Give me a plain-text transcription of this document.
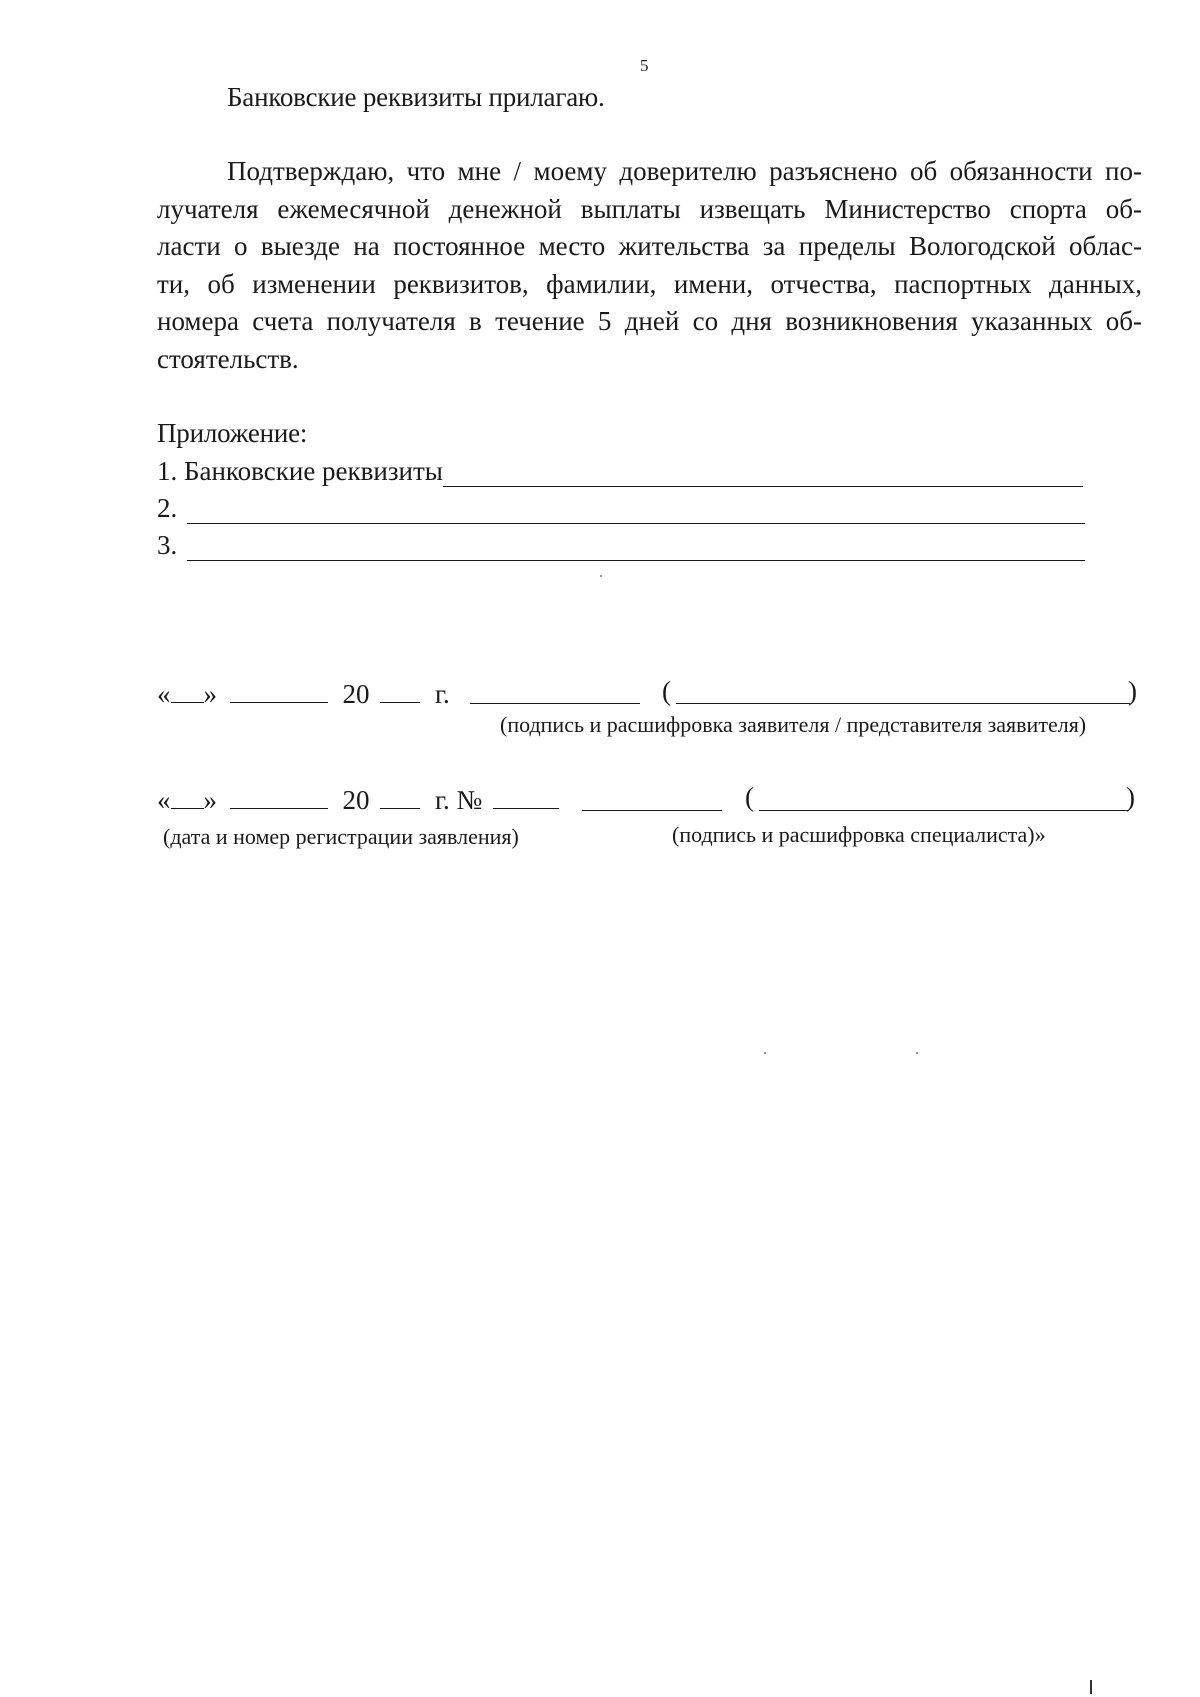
5
Банковские реквизиты прилагаю.
Подтверждаю, что мне / моему доверителю разъяснено об обязанности по-
лучателя ежемесячной денежной выплаты извещать Министерство спорта об-
ласти о выезде на постоянное место жительства за пределы Вологодской облас-
ти, об изменении реквизитов, фамилии, имени, отчества, паспортных данных,
номера счета получателя в течение 5 дней со дня возникновения указанных об-
стоятельств.
Приложение:
1. Банковские реквизиты
2.
3.
« »	20 г.	(	)
(подпись и расшифровка заявителя / представителя заявителя)
« »	20 г. №	(	)
(дата и номер регистрации заявления)	(подпись и расшифровка специалиста)»
